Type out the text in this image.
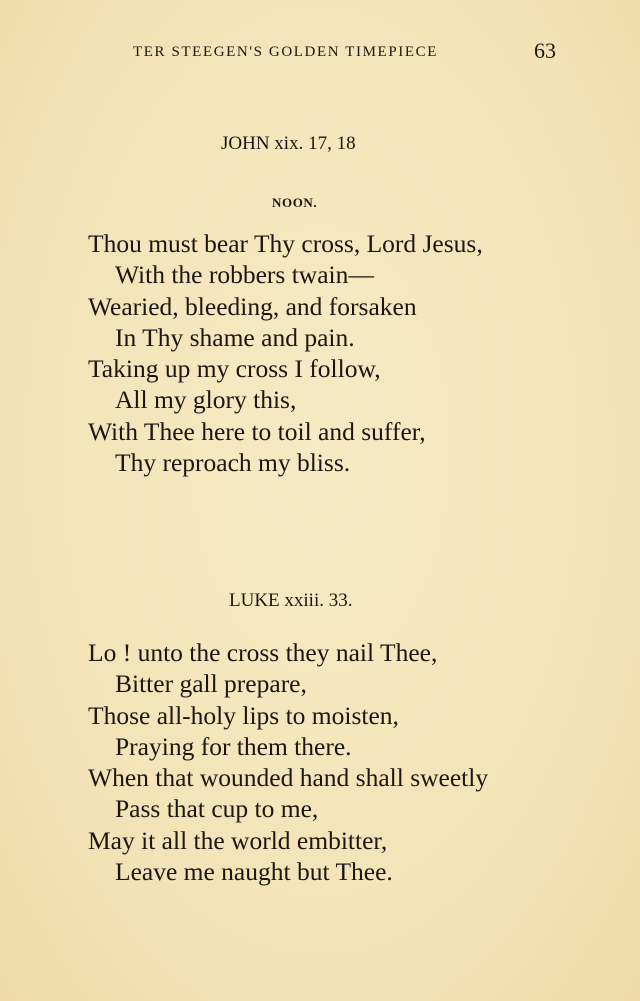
TER STEEGEN'S GOLDEN TIMEPIECE	63
JOHN xix. 17, 18
NOON.
Thou must bear Thy cross, Lord Jesus,
With the robbers twain—
Wearied, bleeding, and forsaken
In Thy shame and pain.
Taking up my cross I follow,
All my glory this,
With Thee here to toil and suffer,
Thy reproach my bliss.
LUKE xxiii. 33.
Lo ! unto the cross they nail Thee,
Bitter gall prepare,
Those all-holy lips to moisten,
Praying for them there.
When that wounded hand shall sweetly
Pass that cup to me,
May it all the world embitter,
Leave me naught but Thee.
